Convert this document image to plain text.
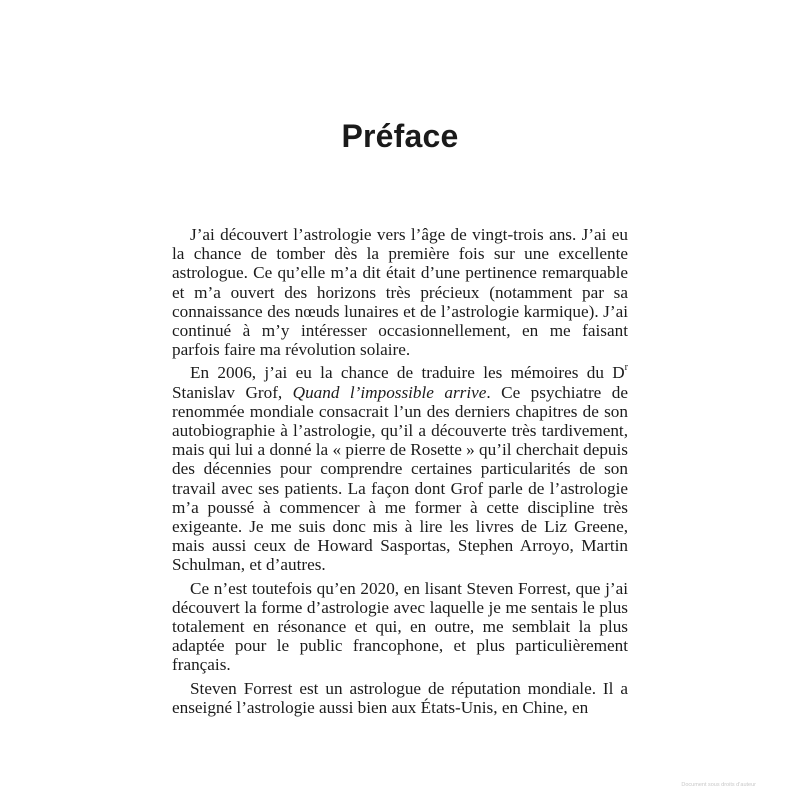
Préface

J’ai découvert l’astrologie vers l’âge de vingt-trois ans. J’ai eu la chance de tomber dès la première fois sur une excellente astrologue. Ce qu’elle m’a dit était d’une pertinence remarquable et m’a ouvert des horizons très précieux (notamment par sa connaissance des nœuds lunaires et de l’astrologie karmique). J’ai continué à m’y intéresser occasionnellement, en me faisant parfois faire ma révolution solaire.

En 2006, j’ai eu la chance de traduire les mémoires du $D^r$ Stanislav Grof, Quand l’impossible arrive. Ce psychiatre de renommée mondiale consacrait l’un des derniers chapitres de son autobiographie à l’astrologie, qu’il a découverte très tardivement, mais qui lui a donné la « pierre de Rosette » qu’il cherchait depuis des décennies pour comprendre certaines particularités de son travail avec ses patients. La façon dont Grof parle de l’astrologie m’a poussé à commencer à me former à cette discipline très exigeante. Je me suis donc mis à lire les livres de Liz Greene, mais aussi ceux de Howard Sasportas, Stephen Arroyo, Martin Schulman, et d’autres.

Ce n’est toutefois qu’en 2020, en lisant Steven Forrest, que j’ai découvert la forme d’astrologie avec laquelle je me sentais le plus totalement en résonance et qui, en outre, me semblait la plus adaptée pour le public francophone, et plus particulièrement français.

Steven Forrest est un astrologue de réputation mondiale. Il a enseigné l’astrologie aussi bien aux États-Unis, en Chine, en

Document sous droits d’auteur
